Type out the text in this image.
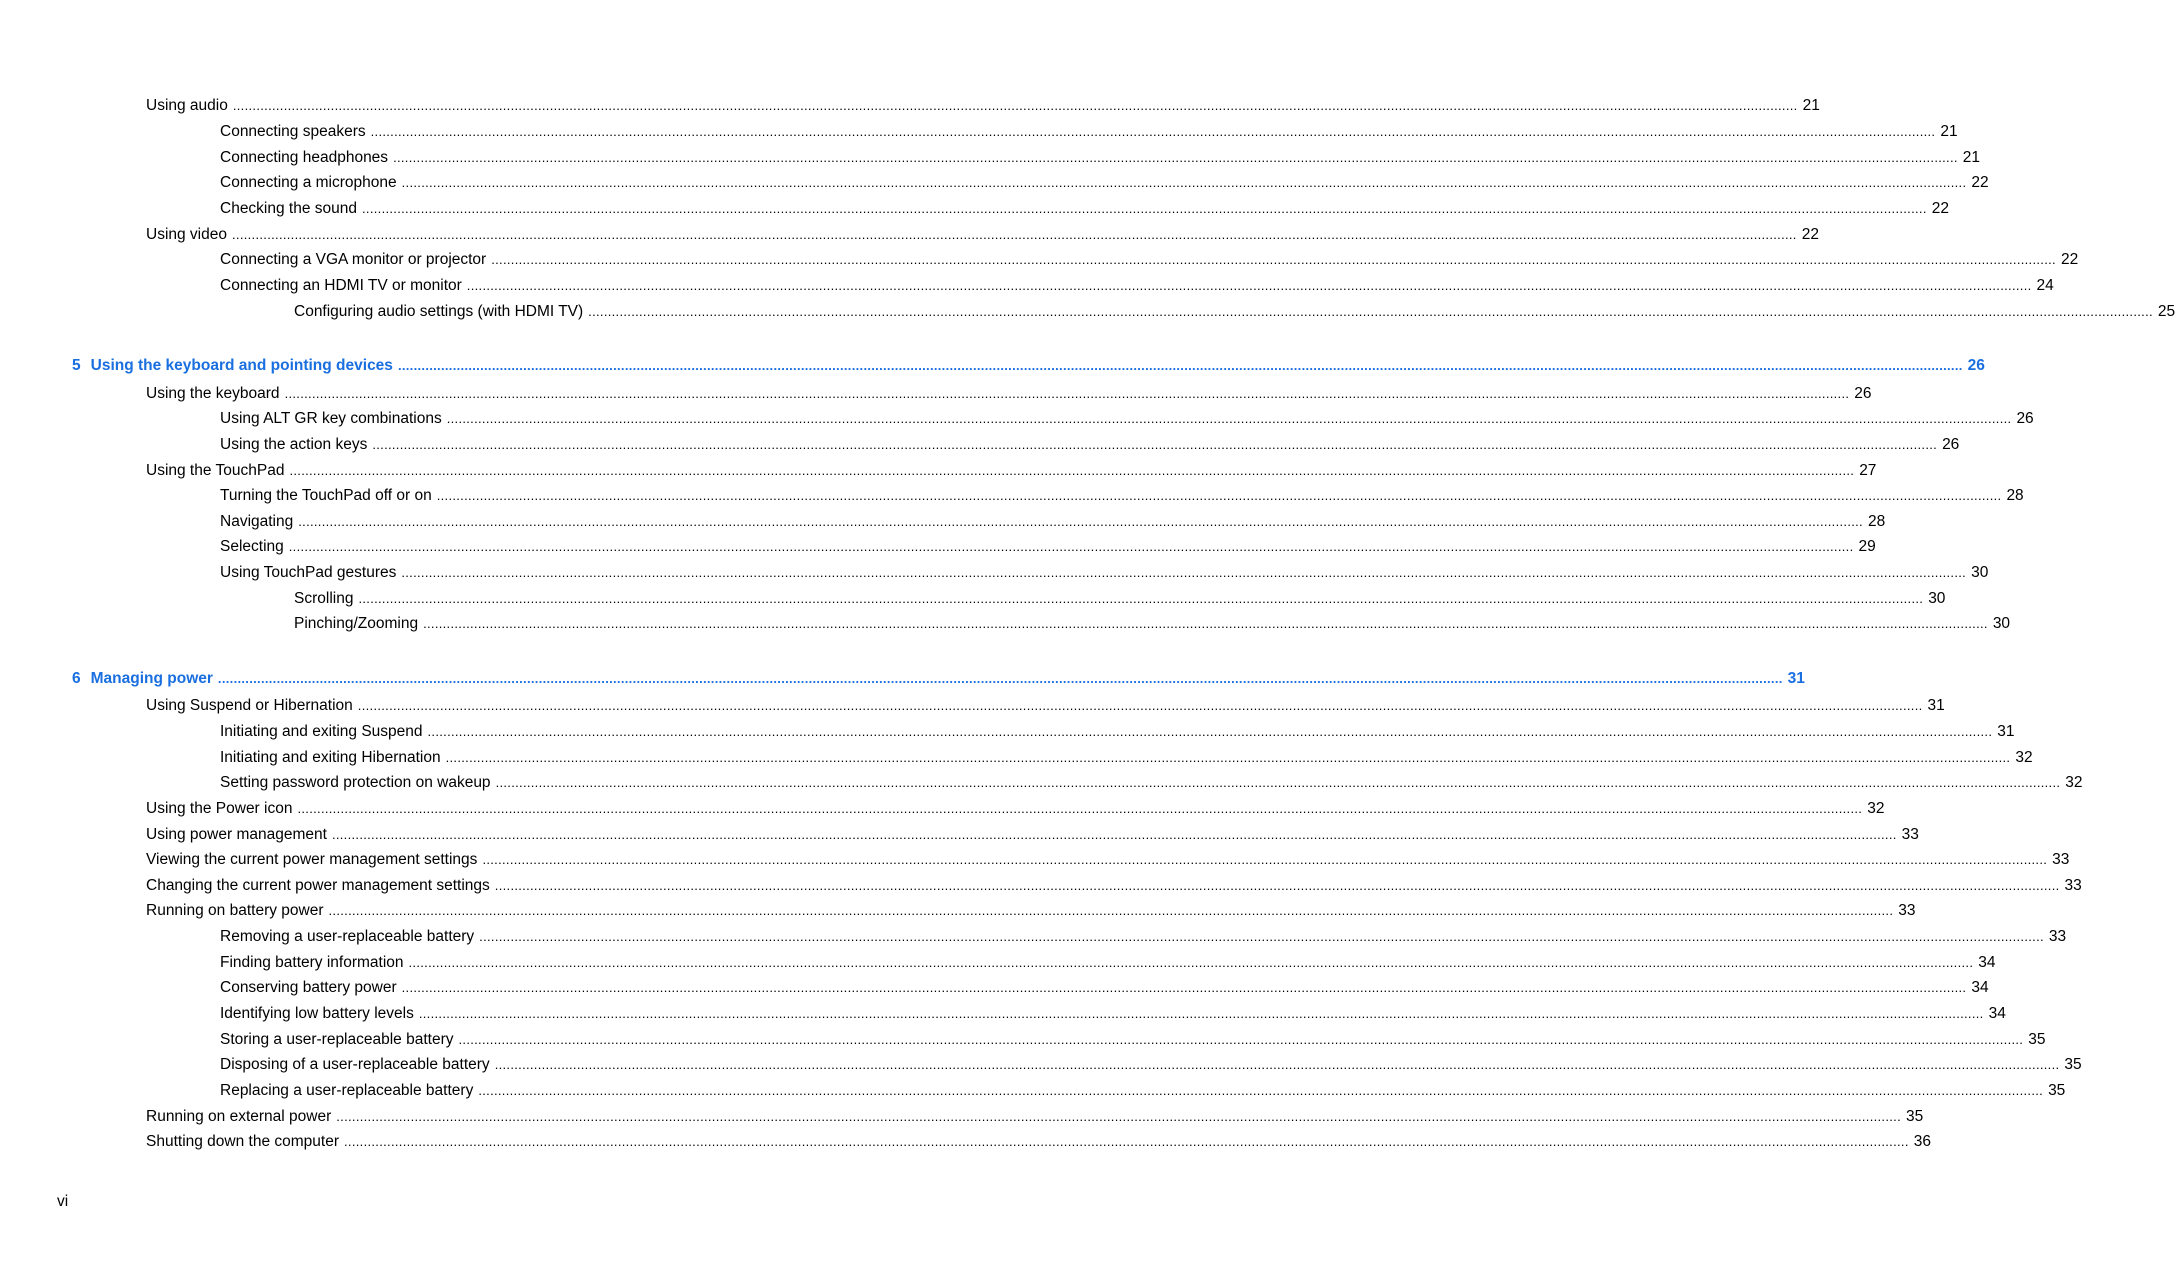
Using audio ................................................................................................................................................................................................................................................................................................................................................................................................................ 21
Connecting speakers ................................................................................................................................................................................................................................................................................................................................................................................................................ 21
Connecting headphones ................................................................................................................................................................................................................................................................................................................................................................................................................ 21
Connecting a microphone ................................................................................................................................................................................................................................................................................................................................................................................................................ 22
Checking the sound ................................................................................................................................................................................................................................................................................................................................................................................................................ 22
Using video ................................................................................................................................................................................................................................................................................................................................................................................................................ 22
Connecting a VGA monitor or projector ................................................................................................................................................................................................................................................................................................................................................................................................................ 22
Connecting an HDMI TV or monitor ................................................................................................................................................................................................................................................................................................................................................................................................................ 24
Configuring audio settings (with HDMI TV) ................................................................................................................................................................................................................................................................................................................................................................................................................ 25
5 Using the keyboard and pointing devices ................................................................................................................................................................................................................................................................................................................................................................................................................ 26
Using the keyboard ................................................................................................................................................................................................................................................................................................................................................................................................................ 26
Using ALT GR key combinations ................................................................................................................................................................................................................................................................................................................................................................................................................ 26
Using the action keys ................................................................................................................................................................................................................................................................................................................................................................................................................ 26
Using the TouchPad ................................................................................................................................................................................................................................................................................................................................................................................................................ 27
Turning the TouchPad off or on ................................................................................................................................................................................................................................................................................................................................................................................................................ 28
Navigating ................................................................................................................................................................................................................................................................................................................................................................................................................ 28
Selecting ................................................................................................................................................................................................................................................................................................................................................................................................................ 29
Using TouchPad gestures ................................................................................................................................................................................................................................................................................................................................................................................................................ 30
Scrolling ................................................................................................................................................................................................................................................................................................................................................................................................................ 30
Pinching/Zooming ................................................................................................................................................................................................................................................................................................................................................................................................................ 30
6 Managing power ................................................................................................................................................................................................................................................................................................................................................................................................................ 31
Using Suspend or Hibernation ................................................................................................................................................................................................................................................................................................................................................................................................................ 31
Initiating and exiting Suspend ................................................................................................................................................................................................................................................................................................................................................................................................................ 31
Initiating and exiting Hibernation ................................................................................................................................................................................................................................................................................................................................................................................................................ 32
Setting password protection on wakeup ................................................................................................................................................................................................................................................................................................................................................................................................................ 32
Using the Power icon ................................................................................................................................................................................................................................................................................................................................................................................................................ 32
Using power management ................................................................................................................................................................................................................................................................................................................................................................................................................ 33
Viewing the current power management settings ................................................................................................................................................................................................................................................................................................................................................................................................................ 33
Changing the current power management settings ................................................................................................................................................................................................................................................................................................................................................................................................................ 33
Running on battery power ................................................................................................................................................................................................................................................................................................................................................................................................................ 33
Removing a user-replaceable battery ................................................................................................................................................................................................................................................................................................................................................................................................................ 33
Finding battery information ................................................................................................................................................................................................................................................................................................................................................................................................................ 34
Conserving battery power ................................................................................................................................................................................................................................................................................................................................................................................................................ 34
Identifying low battery levels ................................................................................................................................................................................................................................................................................................................................................................................................................ 34
Storing a user-replaceable battery ................................................................................................................................................................................................................................................................................................................................................................................................................ 35
Disposing of a user-replaceable battery ................................................................................................................................................................................................................................................................................................................................................................................................................ 35
Replacing a user-replaceable battery ................................................................................................................................................................................................................................................................................................................................................................................................................ 35
Running on external power ................................................................................................................................................................................................................................................................................................................................................................................................................ 35
Shutting down the computer ................................................................................................................................................................................................................................................................................................................................................................................................................ 36
vi
